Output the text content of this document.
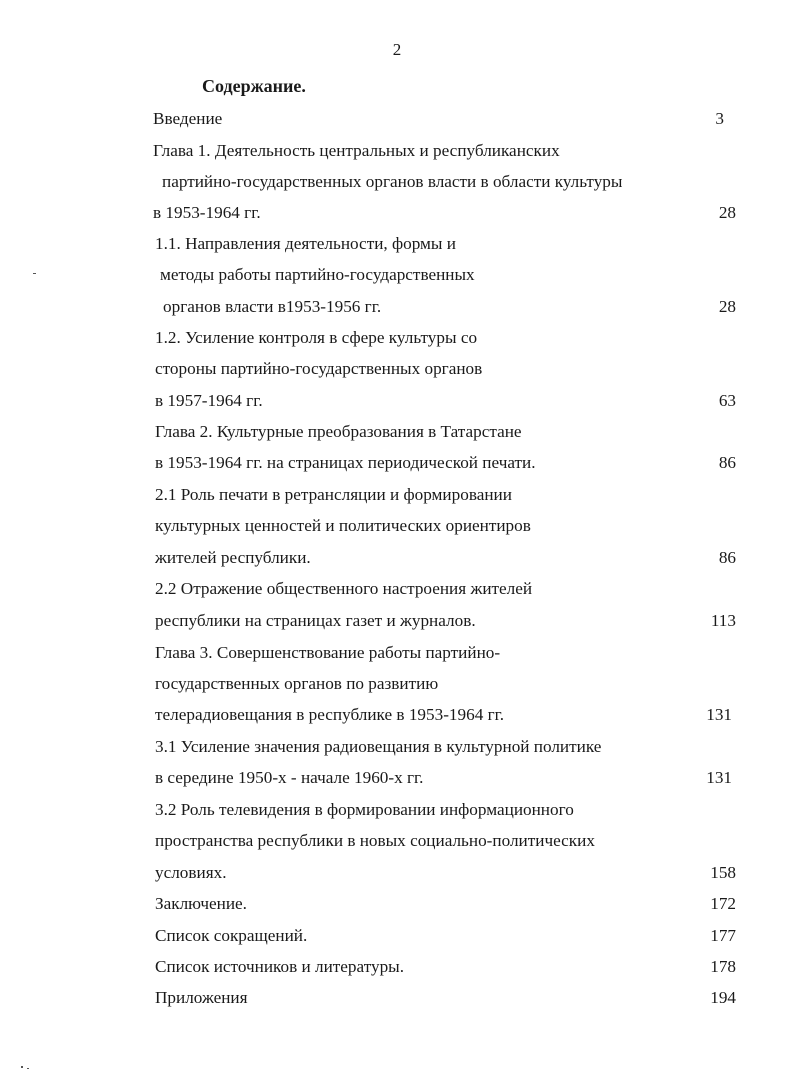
2
Содержание.
Введение
Глава 1. Деятельность центральных и республиканских
партийно-государственных органов власти в области культуры
в 1953-1964 гг.
1.1. Направления деятельности, формы и
методы работы партийно-государственных
органов власти в1953-1956 гг.
1.2. Усиление контроля в сфере культуры со
стороны партийно-государственных органов
в 1957-1964 гг.
Глава 2. Культурные преобразования в Татарстане
в 1953-1964 гг. на страницах периодической печати.
2.1 Роль печати в ретрансляции и формировании
культурных ценностей и политических ориентиров
жителей республики.
2.2 Отражение общественного настроения жителей
республики на страницах газет и журналов.
Глава 3. Совершенствование работы партийно-
государственных органов по развитию
телерадиовещания в республике в 1953-1964 гг.
3.1 Усиление значения радиовещания в культурной политике
в середине 1950-х - начале 1960-х гг.
3.2 Роль телевидения в формировании информационного
пространства республики в новых социально-политических
условиях.
Заключение.
Список сокращений.
Список источников и литературы.
Приложения
3
28
28
63
86
86
113
131
131
158
172
177
178
194
